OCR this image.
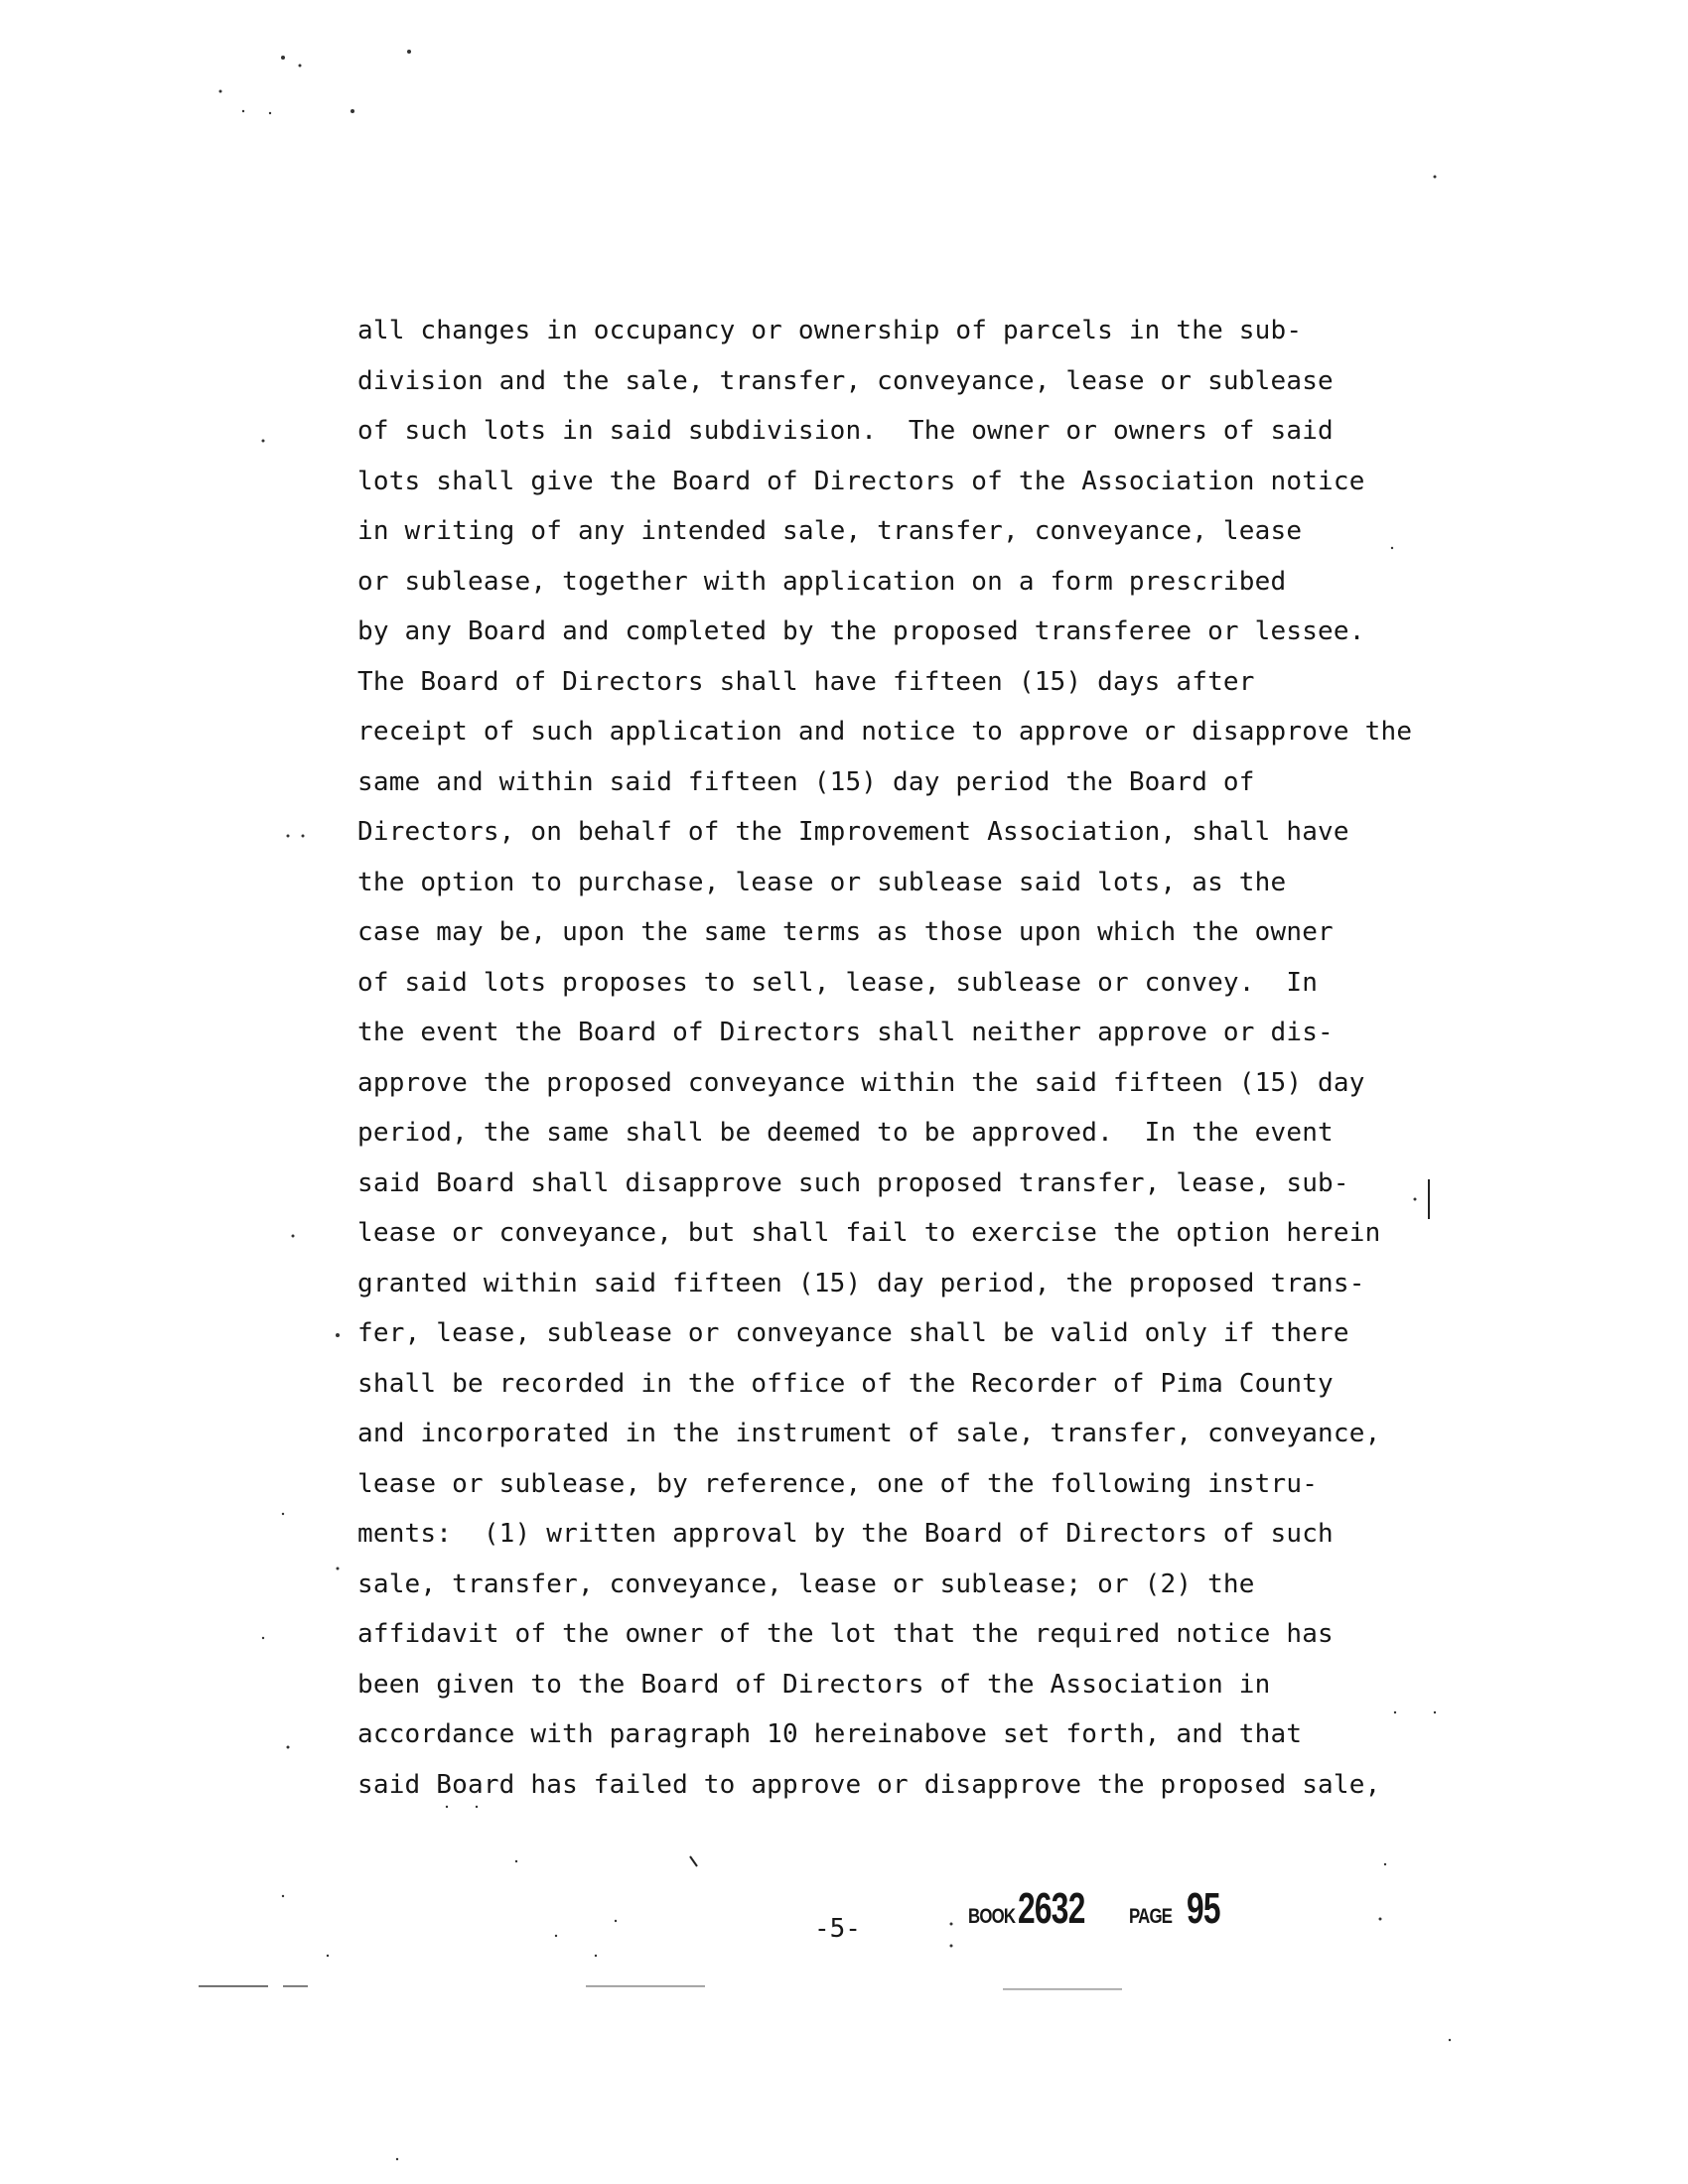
all changes in occupancy or ownership of parcels in the sub-
division and the sale, transfer, conveyance, lease or sublease
of such lots in said subdivision.  The owner or owners of said
lots shall give the Board of Directors of the Association notice
in writing of any intended sale, transfer, conveyance, lease
or sublease, together with application on a form prescribed
by any Board and completed by the proposed transferee or lessee.
The Board of Directors shall have fifteen (15) days after
receipt of such application and notice to approve or disapprove the
same and within said fifteen (15) day period the Board of
Directors, on behalf of the Improvement Association, shall have
the option to purchase, lease or sublease said lots, as the
case may be, upon the same terms as those upon which the owner
of said lots proposes to sell, lease, sublease or convey.  In
the event the Board of Directors shall neither approve or dis-
approve the proposed conveyance within the said fifteen (15) day
period, the same shall be deemed to be approved.  In the event
said Board shall disapprove such proposed transfer, lease, sub-
lease or conveyance, but shall fail to exercise the option herein
granted within said fifteen (15) day period, the proposed trans-
fer, lease, sublease or conveyance shall be valid only if there
shall be recorded in the office of the Recorder of Pima County
and incorporated in the instrument of sale, transfer, conveyance,
lease or sublease, by reference, one of the following instru-
ments:  (1) written approval by the Board of Directors of such
sale, transfer, conveyance, lease or sublease; or (2) the
affidavit of the owner of the lot that the required notice has
been given to the Board of Directors of the Association in
accordance with paragraph 10 hereinabove set forth, and that
said Board has failed to approve or disapprove the proposed sale,
-5-	BOOK2632 PAGE 95
